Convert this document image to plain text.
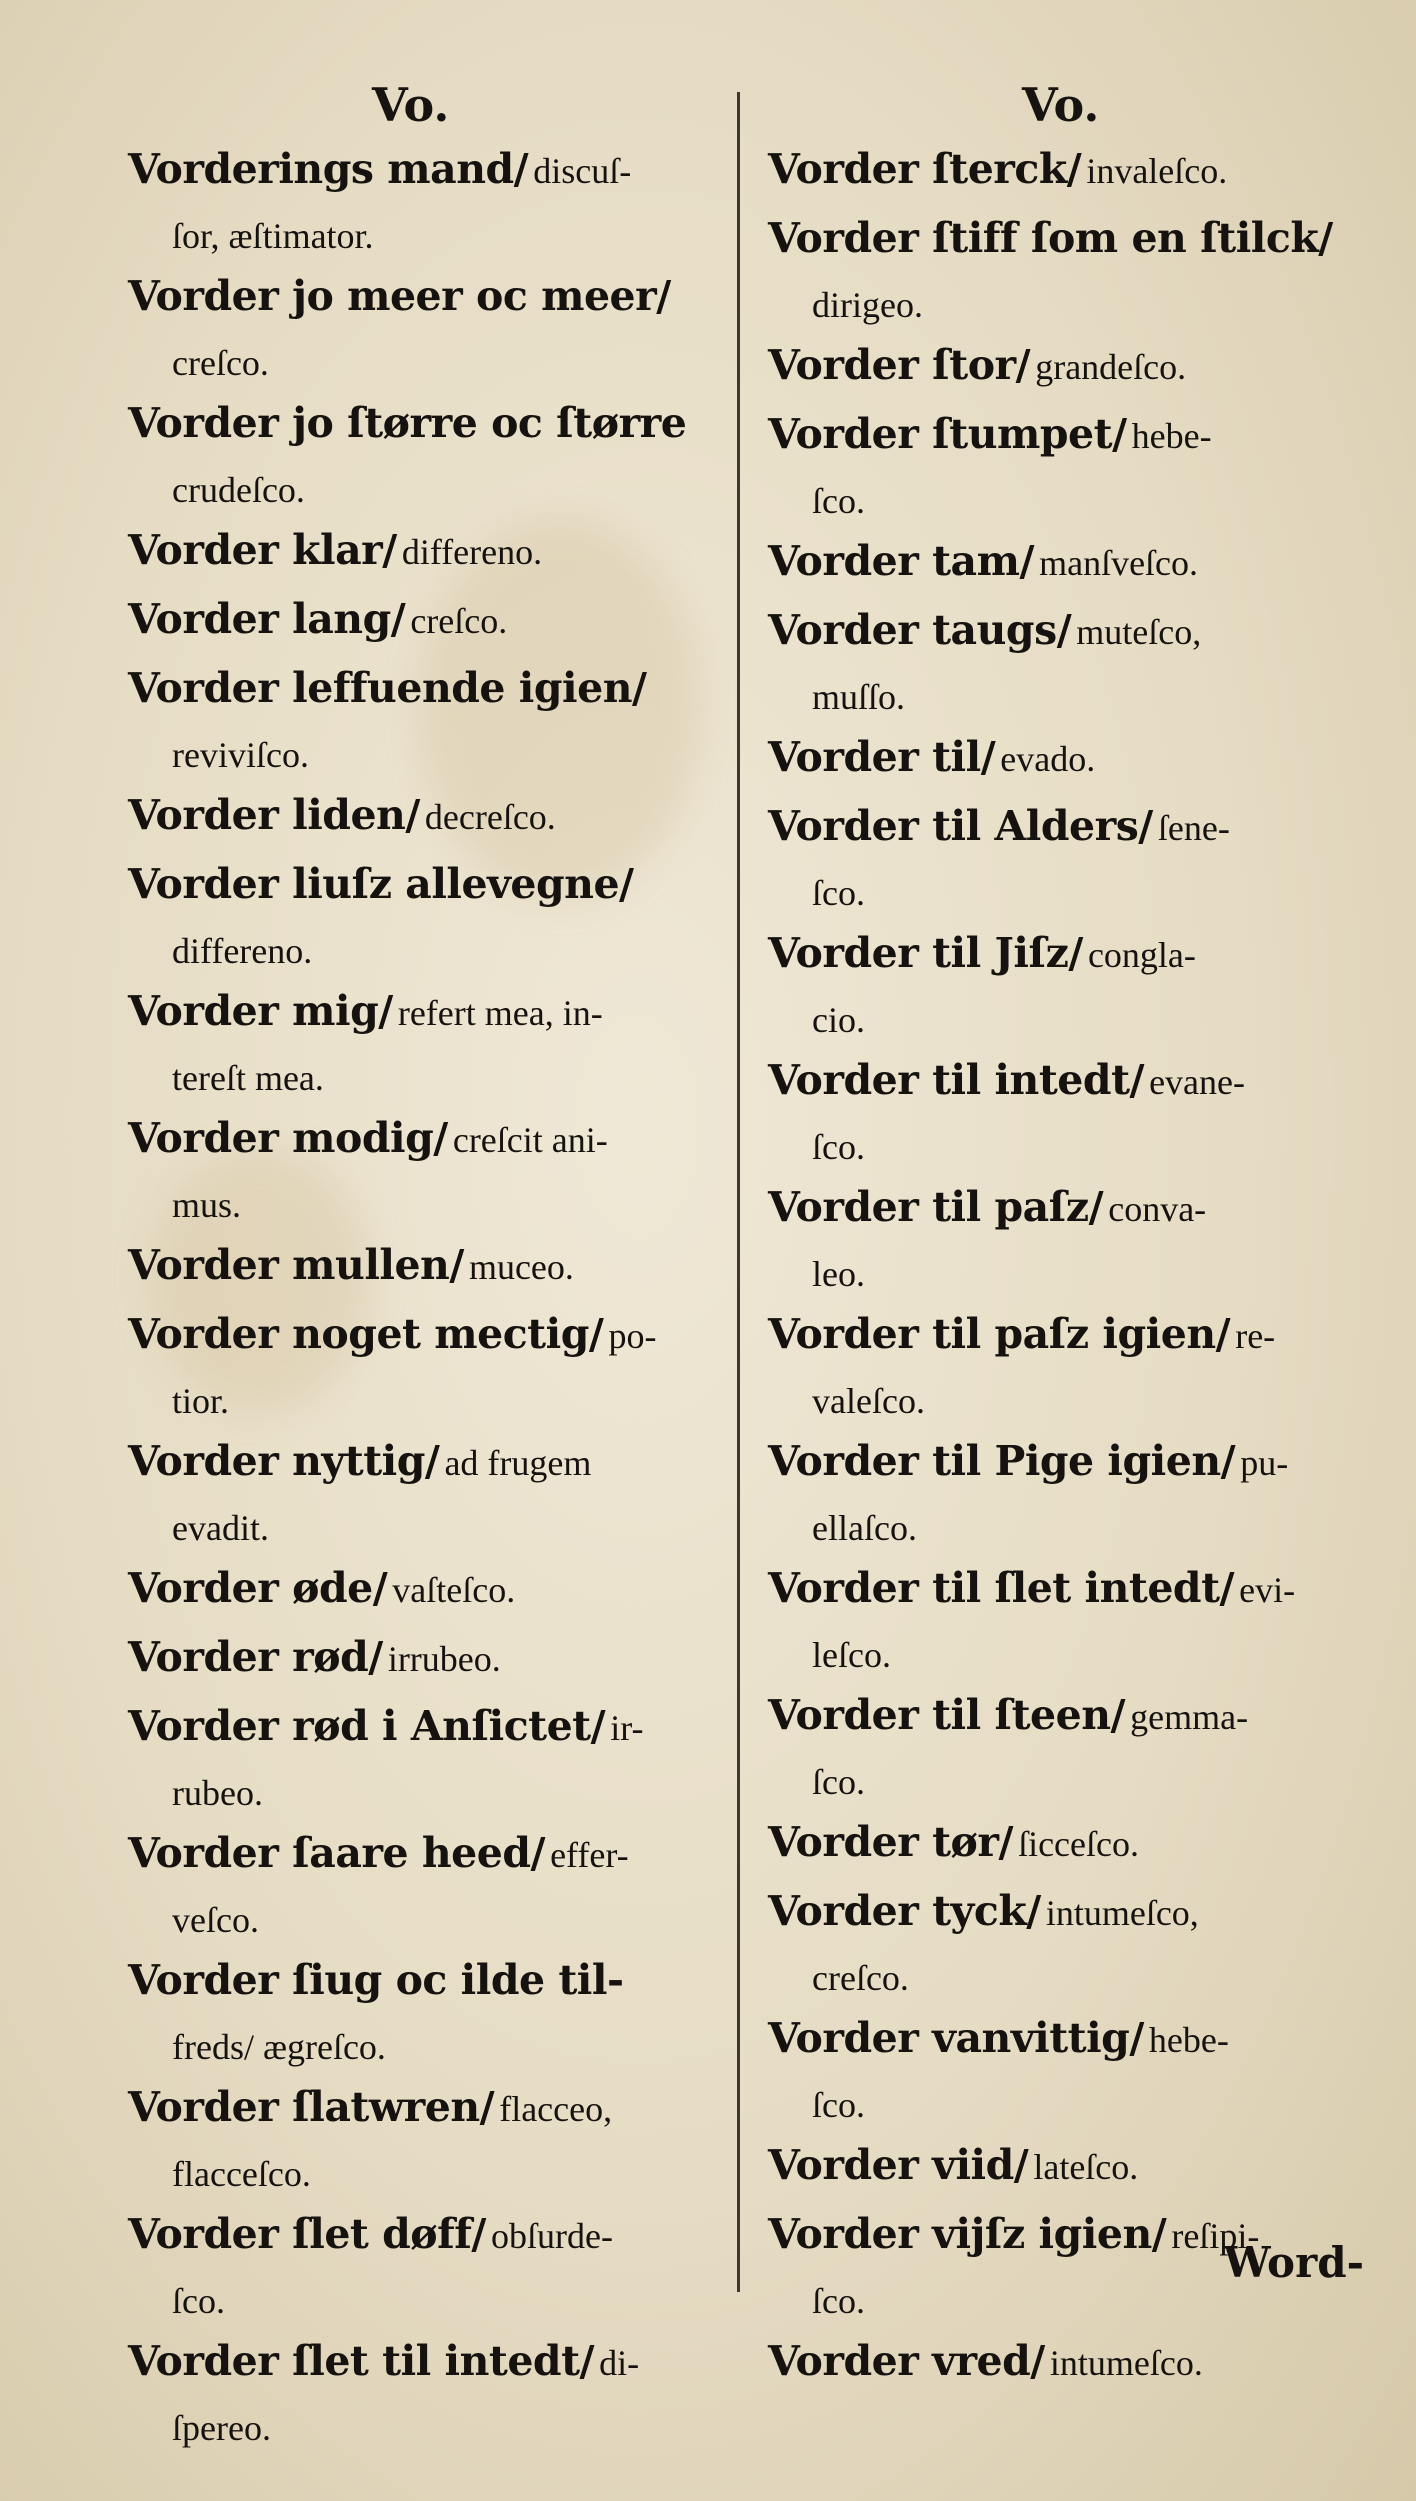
Vo.	Vo.
Vorderings mand/ discuſ-
ſor, æſtimator.
Vorder jo meer oc meer/
creſco.
Vorder jo ſtørre oc ſtørre
crudeſco.
Vorder klar/ differeno.
Vorder lang/ creſco.
Vorder leffuende igien/
reviviſco.
Vorder liden/ decreſco.
Vorder liuſz allevegne/
differeno.
Vorder mig/ refert mea, in-
tereſt mea.
Vorder modig/ creſcit ani-
mus.
Vorder mullen/ muceo.
Vorder noget mectig/ po-
tior.
Vorder nyttig/ ad frugem
evadit.
Vorder øde/ vaſteſco.
Vorder rød/ irrubeo.
Vorder rød i Anſictet/ ir-
rubeo.
Vorder ſaare heed/ effer-
veſco.
Vorder ſiug oc ilde til-
freds/ ægreſco.
Vorder ſlatwren/ flacceo,
flacceſco.
Vorder ſlet døff/ obſurde-
ſco.
Vorder ſlet til intedt/ di-
ſpereo.
Vorder ſterck/ invaleſco.
Vorder ſtiff ſom en ſtilck/
dirigeo.
Vorder ſtor/ grandeſco.
Vorder ſtumpet/ hebe-
ſco.
Vorder tam/ manſveſco.
Vorder taugs/ muteſco,
muſſo.
Vorder til/ evado.
Vorder til Alders/ ſene-
ſco.
Vorder til Jiſz/ congla-
cio.
Vorder til intedt/ evane-
ſco.
Vorder til paſz/ conva-
leo.
Vorder til paſz igien/ re-
valeſco.
Vorder til Pige igien/ pu-
ellaſco.
Vorder til ſlet intedt/ evi-
leſco.
Vorder til ſteen/ gemma-
ſco.
Vorder tør/ ſicceſco.
Vorder tyck/ intumeſco,
creſco.
Vorder vanvittig/ hebe-
ſco.
Vorder viid/ lateſco.
Vorder vijſz igien/ reſipi-
ſco.
Vorder vred/ intumeſco.
Word-
